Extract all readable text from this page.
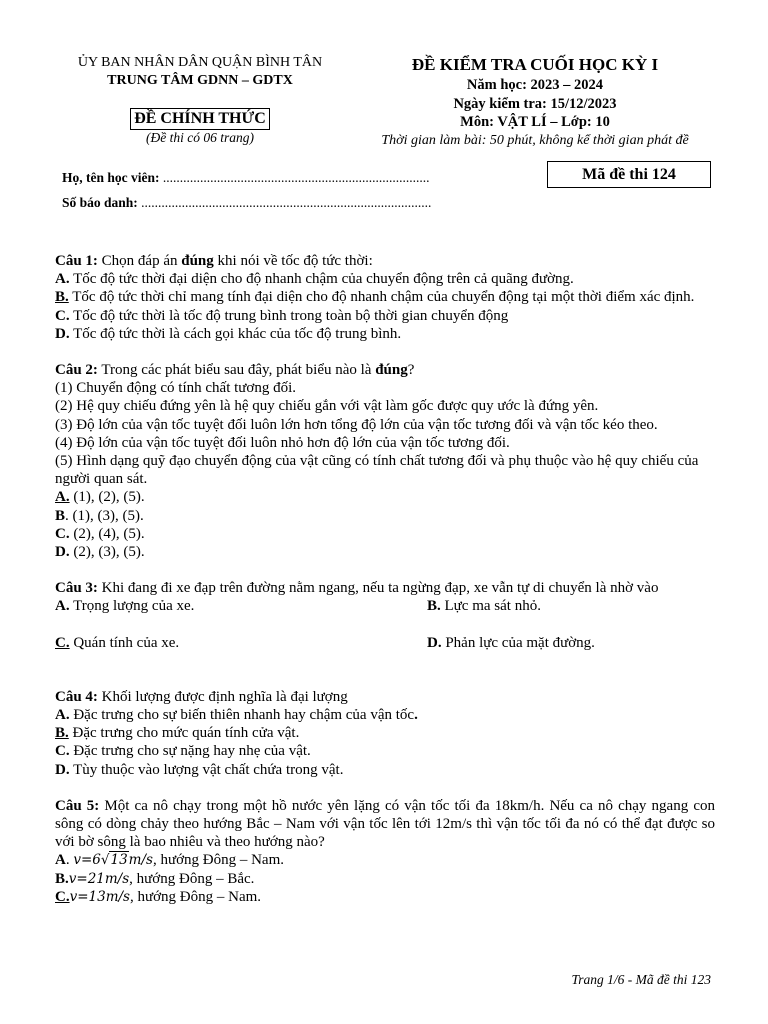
ỦY BAN NHÂN DÂN QUẬN BÌNH TÂN
TRUNG TÂM GDNN – GDTX
ĐỀ CHÍNH THỨC
(Đề thi có 06 trang)
ĐỀ KIỂM TRA CUỐI HỌC KỲ I
Năm học: 2023 – 2024
Ngày kiểm tra: 15/12/2023
Môn: VẬT LÍ – Lớp: 10
Thời gian làm bài: 50 phút, không kể thời gian phát đề
Mã đề thi 124
Họ, tên học viên: ...............................................................................
Số báo danh: ......................................................................................

Câu 1: Chọn đáp án đúng khi nói về tốc độ tức thời:

A. Tốc độ tức thời đại diện cho độ nhanh chậm của chuyển động trên cả quãng đường.

B. Tốc độ tức thời chỉ mang tính đại diện cho độ nhanh chậm của chuyển động tại một thời điểm xác định.

C. Tốc độ tức thời là tốc độ trung bình trong toàn bộ thời gian chuyển động

D. Tốc độ tức thời là cách gọi khác của tốc độ trung bình.

Câu 2: Trong các phát biểu sau đây, phát biểu nào là đúng?

(1) Chuyển động có tính chất tương đối.

(2) Hệ quy chiếu đứng yên là hệ quy chiếu gắn với vật làm gốc được quy ước là đứng yên.

(3) Độ lớn của vận tốc tuyệt đối luôn lớn hơn tổng độ lớn của vận tốc tương đối và vận tốc kéo theo.

(4) Độ lớn của vận tốc tuyệt đối luôn nhỏ hơn độ lớn của vận tốc tương đối.

(5) Hình dạng quỹ đạo chuyển động của vật cũng có tính chất tương đối và phụ thuộc vào hệ quy chiếu của người quan sát.

A. (1), (2), (5).

B. (1), (3), (5).

C. (2), (4), (5).

D. (2), (3), (5).

Câu 3: Khi đang đi xe đạp trên đường nằm ngang, nếu ta ngừng đạp, xe vẫn tự di chuyển là nhờ vào

A. Trọng lượng của xe.	B. Lực ma sát nhỏ.
C. Quán tính của xe.	D. Phản lực của mặt đường.

Câu 4: Khối lượng được định nghĩa là đại lượng

A. Đặc trưng cho sự biến thiên nhanh hay chậm của vận tốc.

B. Đặc trưng cho mức quán tính cửa vật.

C. Đặc trưng cho sự nặng hay nhẹ của vật.

D. Tùy thuộc vào lượng vật chất chứa trong vật.

Câu 5: Một ca nô chạy trong một hồ nước yên lặng có vận tốc tối đa 18km/h. Nếu ca nô chạy ngang con sông có dòng chảy theo hướng Bắc – Nam với vận tốc lên tới 12m/s thì vận tốc tối đa nó có thể đạt được so với bờ sông là bao nhiêu và theo hướng nào?

A. v=6√13m/s, hướng Đông – Nam.

B.v=21m/s, hướng Đông – Bắc.

C.v=13m/s, hướng Đông – Nam.

Trang 1/6 - Mã đề thi 123
